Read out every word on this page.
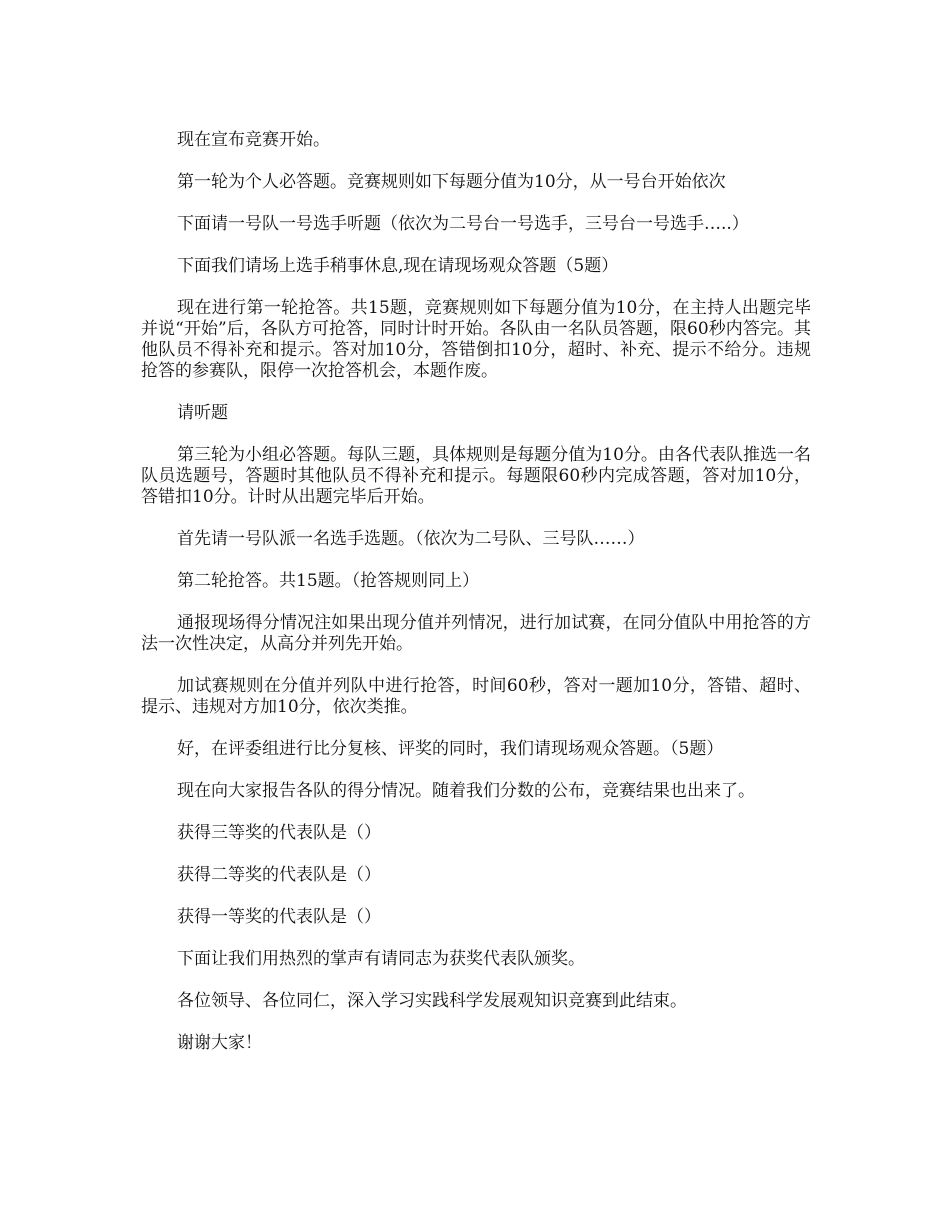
现在宣布竞赛开始。

第一轮为个人必答题。竞赛规则如下每题分值为10分，从一号台开始依次

下面请一号队一号选手听题（依次为二号台一号选手，三号台一号选手…..）

下面我们请场上选手稍事休息,现在请现场观众答题（5题）

现在进行第一轮抢答。共15题，竞赛规则如下每题分值为10分，在主持人出题完毕并说“开始”后，各队方可抢答，同时计时开始。各队由一名队员答题，限60秒内答完。其他队员不得补充和提示。答对加10分，答错倒扣10分，超时、补充、提示不给分。违规抢答的参赛队，限停一次抢答机会，本题作废。

请听题

第三轮为小组必答题。每队三题，具体规则是每题分值为10分。由各代表队推选一名队员选题号，答题时其他队员不得补充和提示。每题限60秒内完成答题，答对加10分，答错扣10分。计时从出题完毕后开始。

首先请一号队派一名选手选题。（依次为二号队、三号队……）

第二轮抢答。共15题。（抢答规则同上）

通报现场得分情况注如果出现分值并列情况，进行加试赛，在同分值队中用抢答的方法一次性决定，从高分并列先开始。

加试赛规则在分值并列队中进行抢答，时间60秒，答对一题加10分，答错、超时、提示、违规对方加10分，依次类推。

好，在评委组进行比分复核、评奖的同时，我们请现场观众答题。（5题）

现在向大家报告各队的得分情况。随着我们分数的公布，竞赛结果也出来了。

获得三等奖的代表队是（）

获得二等奖的代表队是（）

获得一等奖的代表队是（）

下面让我们用热烈的掌声有请同志为获奖代表队颁奖。

各位领导、各位同仁，深入学习实践科学发展观知识竞赛到此结束。

谢谢大家！
